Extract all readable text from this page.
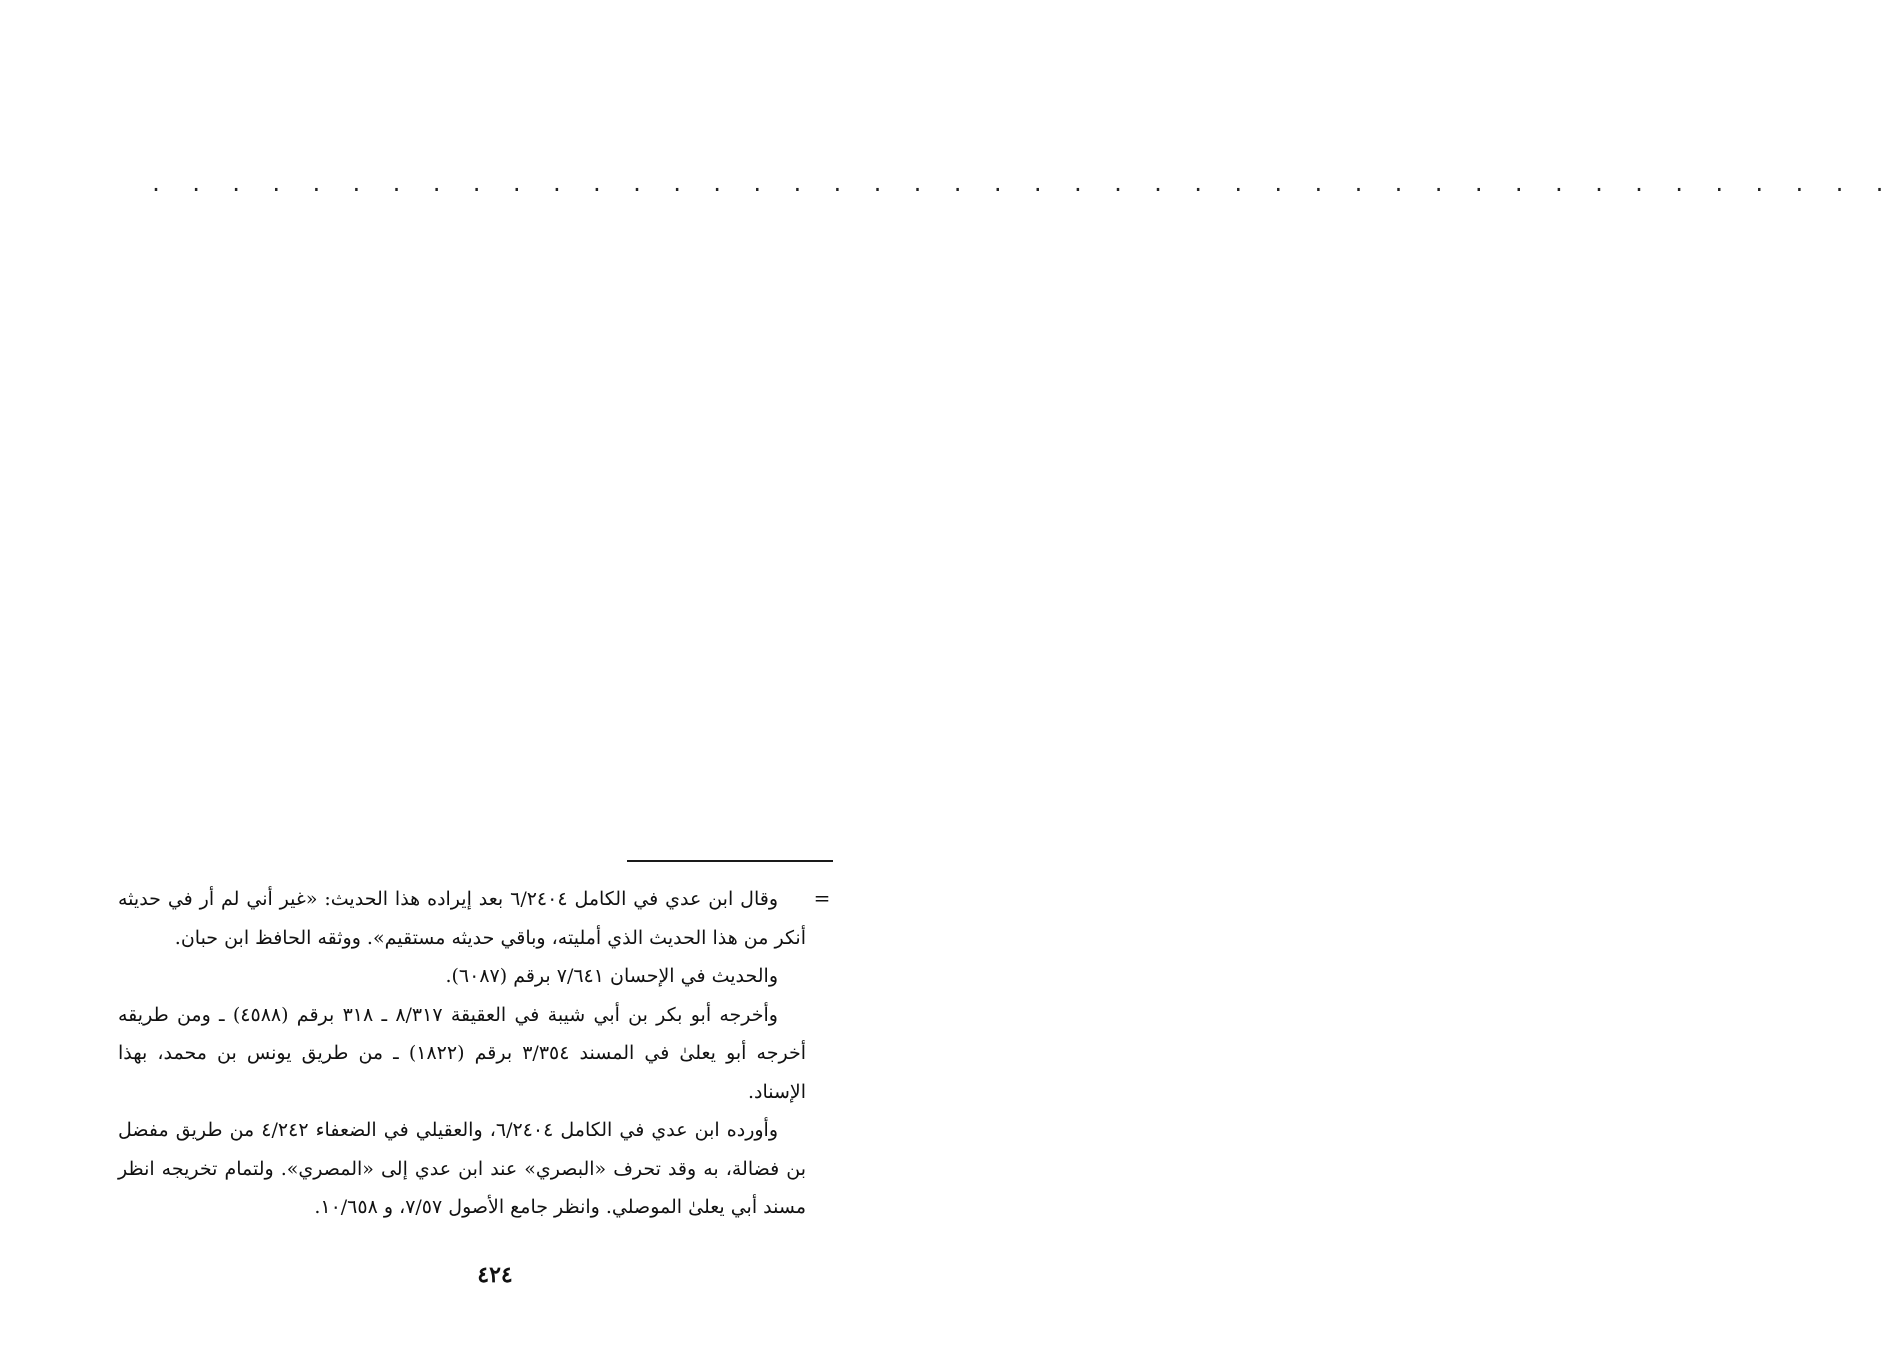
. . . . . . . . . . . . . . . . . . . . . . . . . . . . . . . . . . . . . . . . . . . .
=

وقال ابن عدي في الكامل ٦/٢٤٠٤ بعد إيراده هذا الحديث: «غير أني لم أر في حديثه أنكر من هذا الحديث الذي أمليته، وباقي حديثه مستقيم». ووثقه الحافظ ابن حبان.

والحديث في الإحسان ٧/٦٤١ برقم (٦٠٨٧).

وأخرجه أبو بكر بن أبي شيبة في العقيقة ٨/٣١٧ ـ ٣١٨ برقم (٤٥٨٨) ـ ومن طريقه أخرجه أبو يعلىٰ في المسند ٣/٣٥٤ برقم (١٨٢٢) ـ من طريق يونس بن محمد، بهذا الإسناد.

وأورده ابن عدي في الكامل ٦/٢٤٠٤، والعقيلي في الضعفاء ٤/٢٤٢ من طريق مفضل بن فضالة، به وقد تحرف «البصري» عند ابن عدي إلى «المصري». ولتمام تخريجه انظر مسند أبي يعلىٰ الموصلي. وانظر جامع الأصول ٧/٥٧، و ١٠/٦٥٨.

٤٢٤
